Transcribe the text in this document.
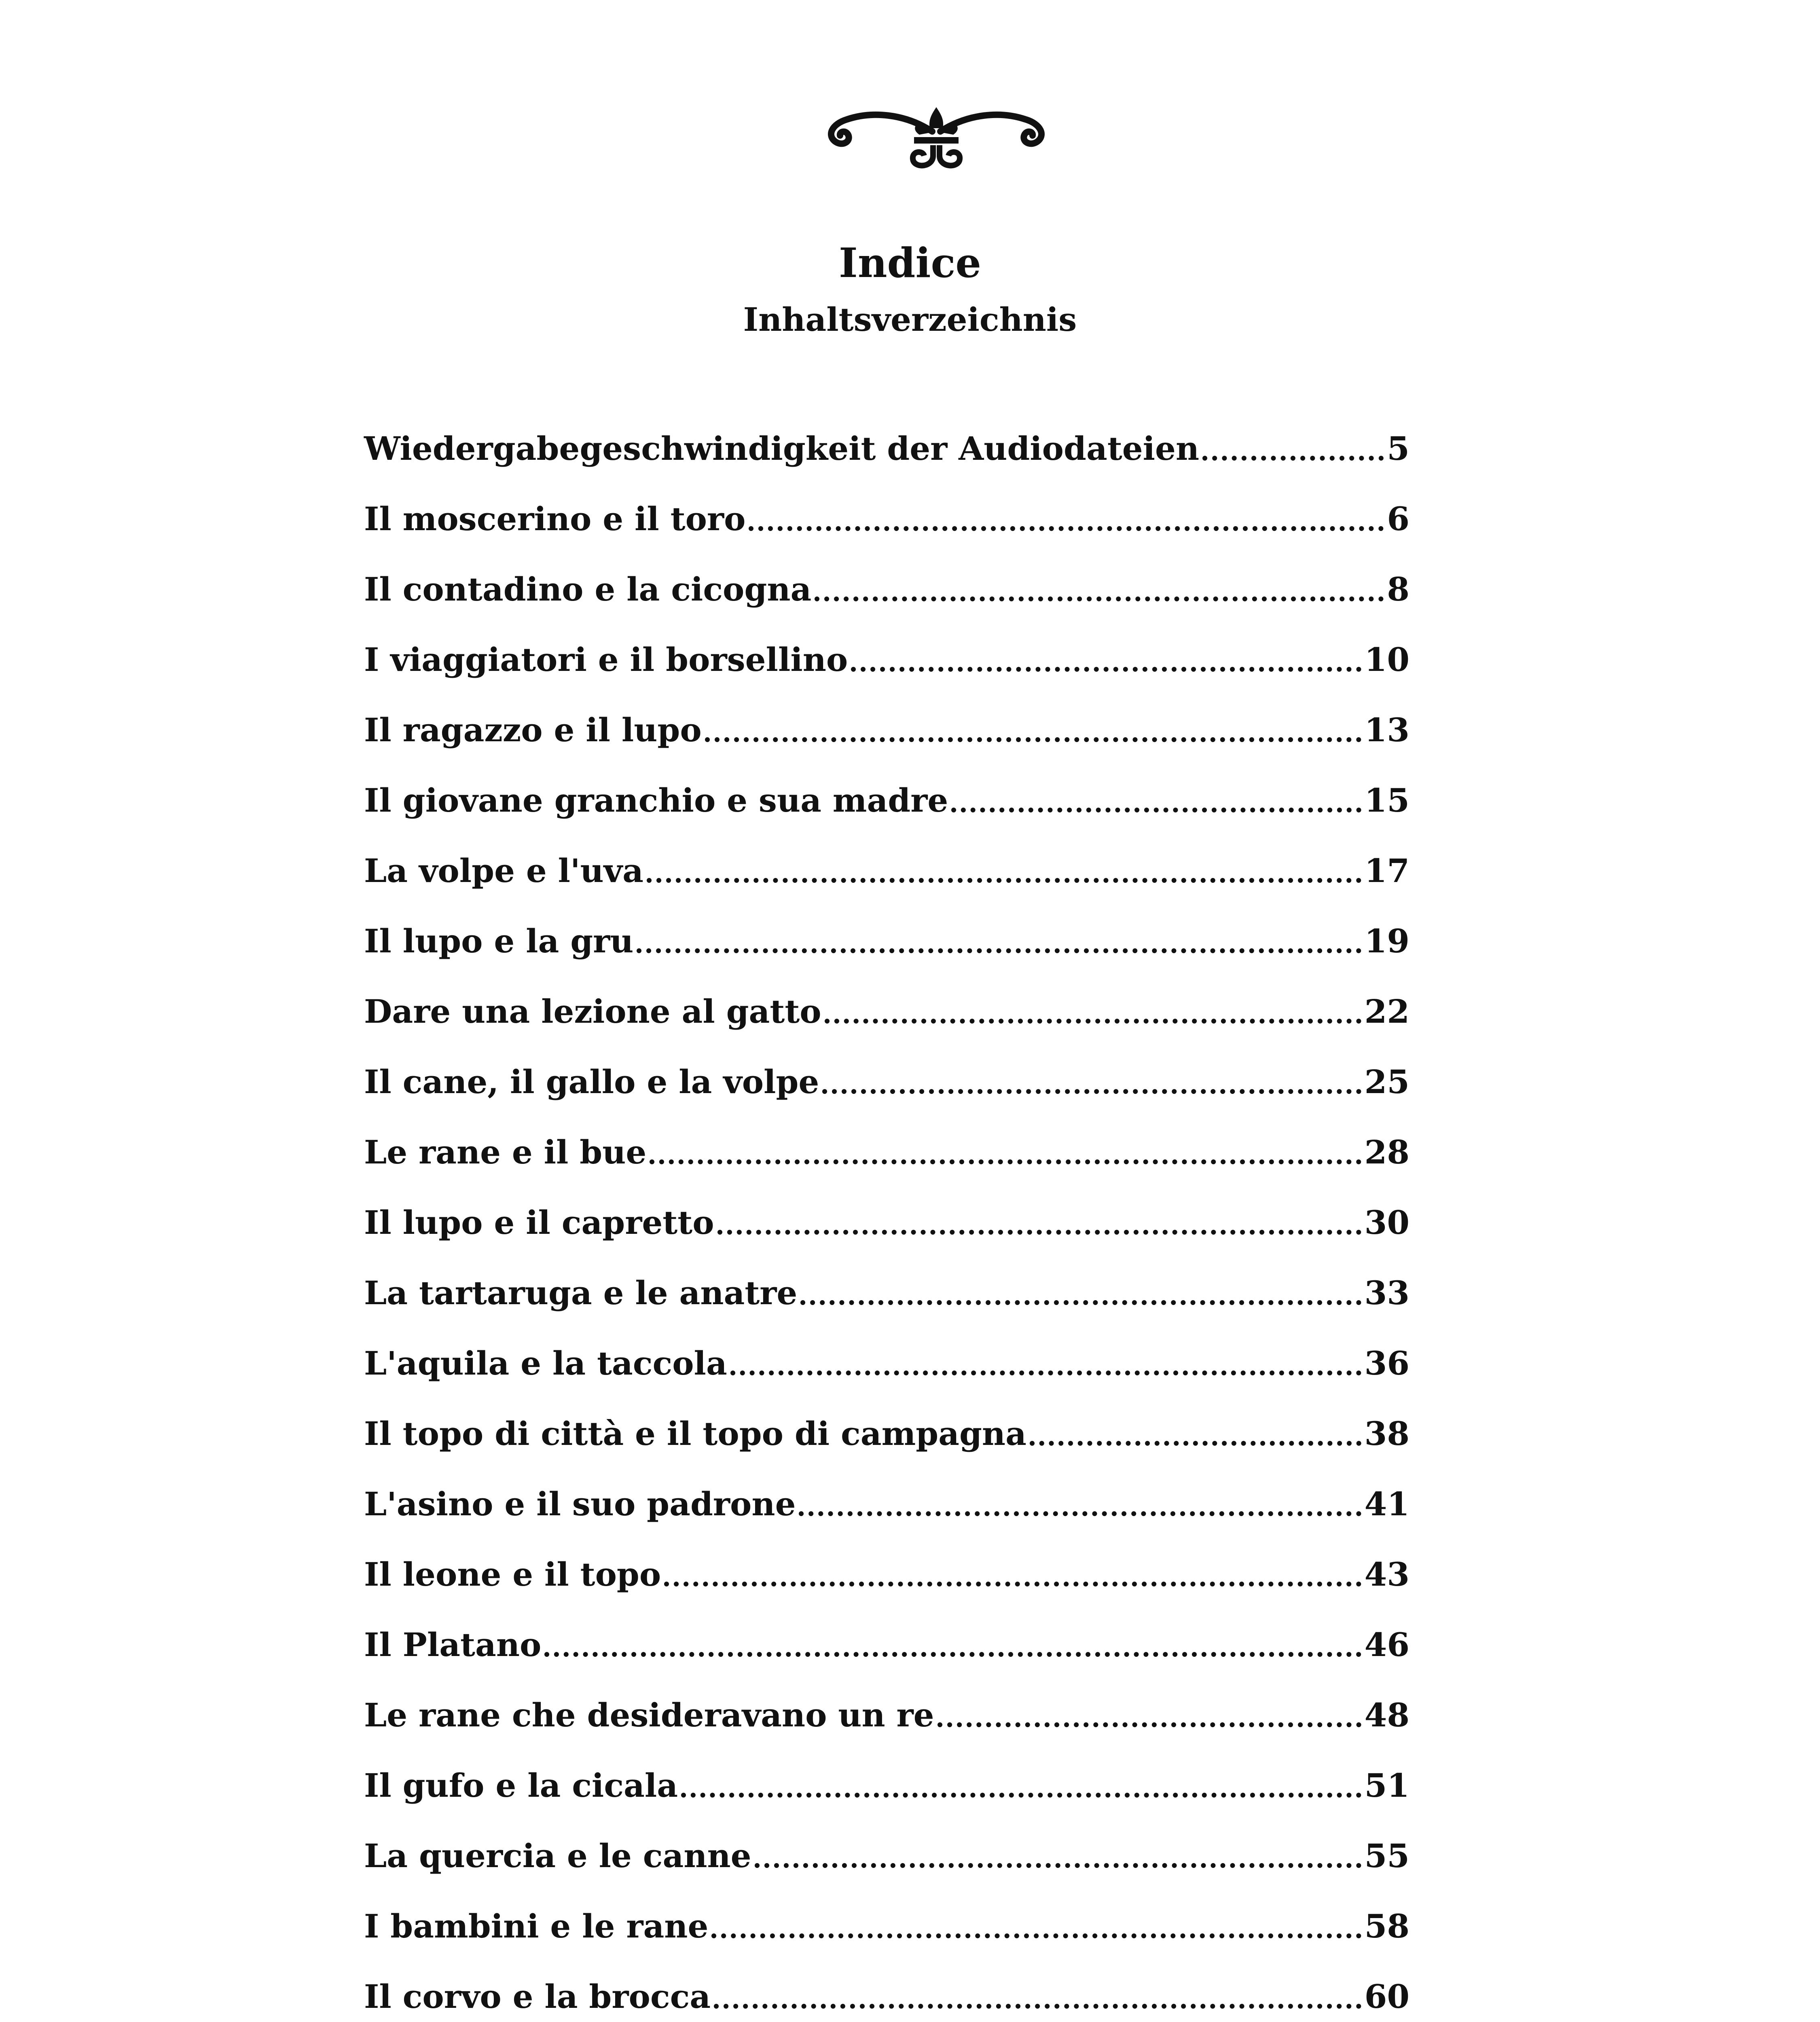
Indice
Inhaltsverzeichnis
Wiedergabegeschwindigkeit der Audiodateien	5
Il moscerino e il toro	6
Il contadino e la cicogna	8
I viaggiatori e il borsellino	10
Il ragazzo e il lupo	13
Il giovane granchio e sua madre	15
La volpe e l'uva	17
Il lupo e la gru	19
Dare una lezione al gatto	22
Il cane, il gallo e la volpe	25
Le rane e il bue	28
Il lupo e il capretto	30
La tartaruga e le anatre	33
L'aquila e la taccola	36
Il topo di città e il topo di campagna	38
L'asino e il suo padrone	41
Il leone e il topo	43
Il Platano	46
Le rane che desideravano un re	48
Il gufo e la cicala	51
La quercia e le canne	55
I bambini e le rane	58
Il corvo e la brocca	60
